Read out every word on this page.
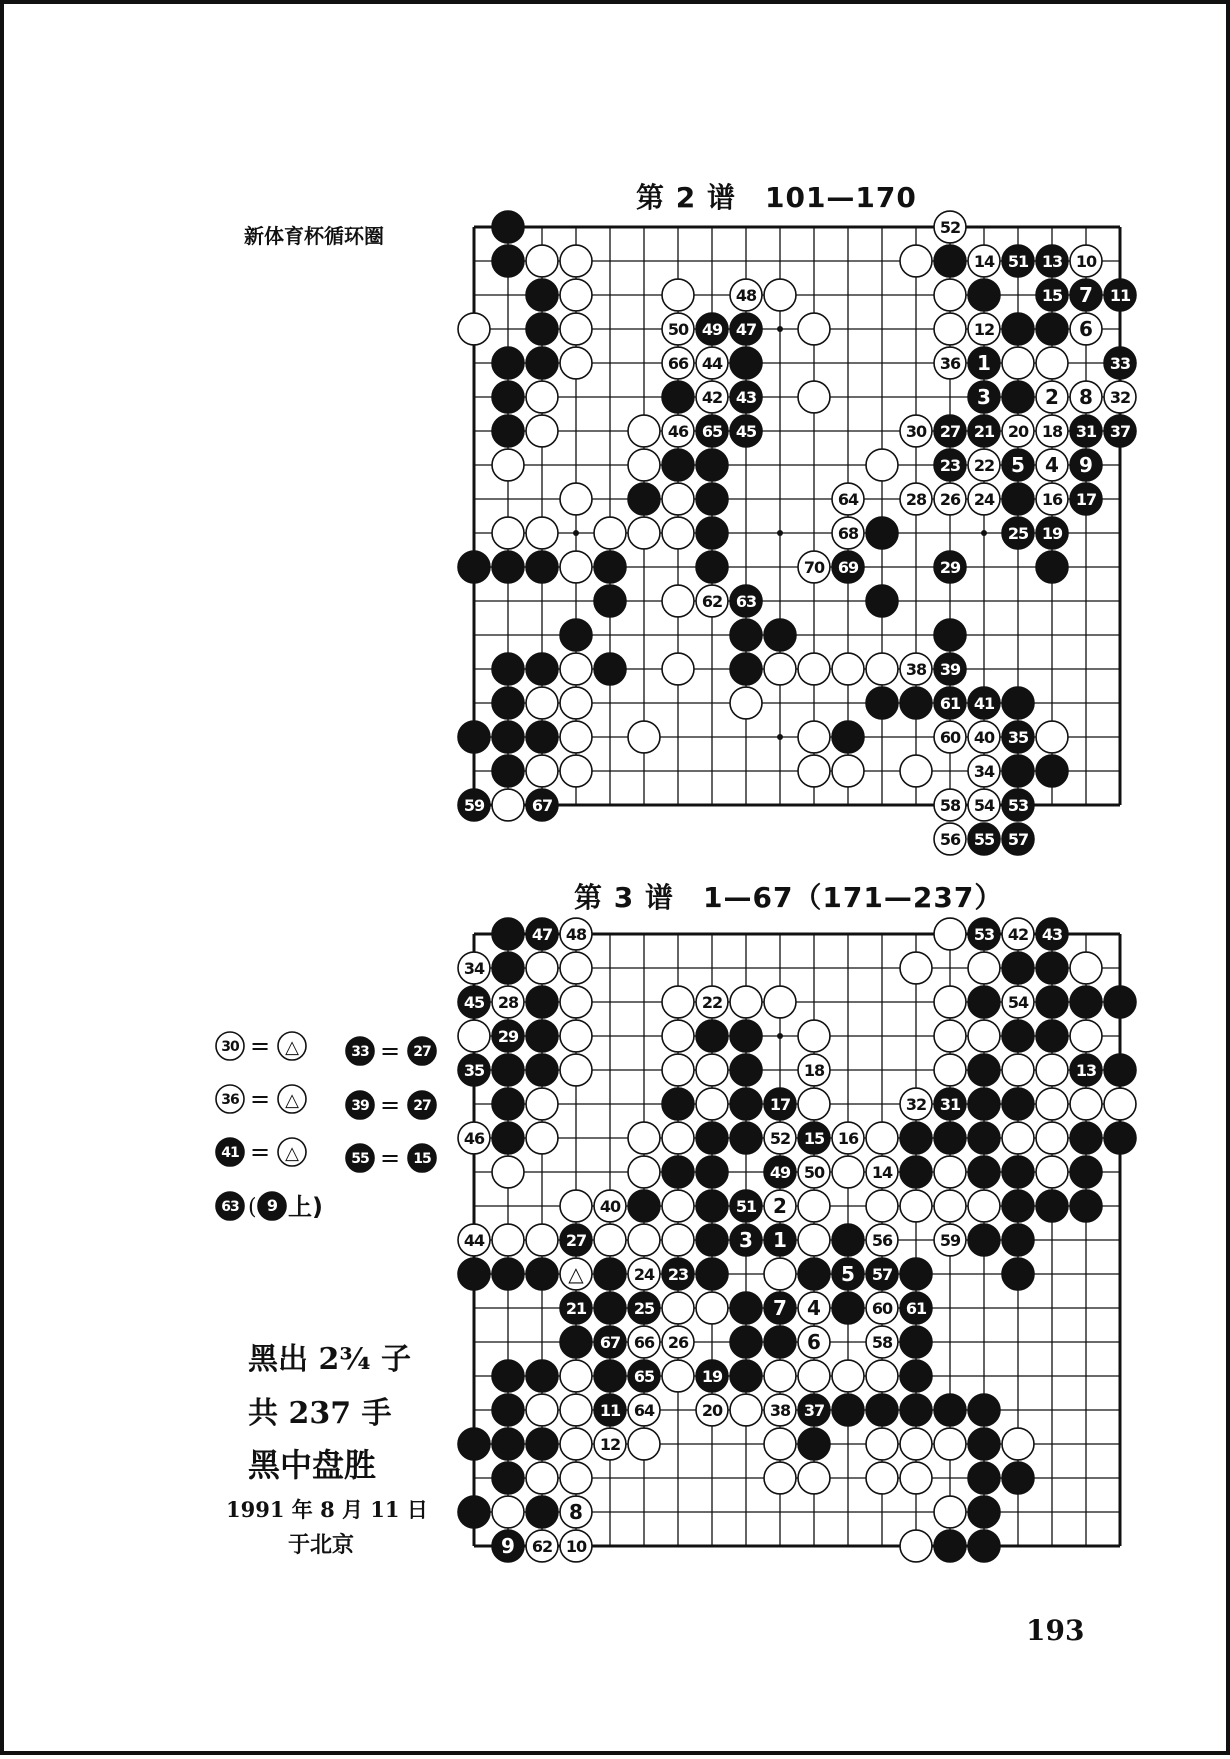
新体育杯循环圈
第 2 谱　101—170
第 3 谱　1—67（171—237）
14 51 13 10
52
48	15 7 11
50 49 47	12	6
66 44	36 1	33
42 43	3	2 8 32
46 65 45	30 27 21 20 18 31 37
23 22 5 4 9
64	28 26 24	16 17
68	25 19
70 69	29
62 63
38 39
61 41
60 40 35
34
59	67	58 54 53
56 55 57
47 48	53 42 43
34
45 28	22	54
29
35	18	13
17	32 31
46	52 15 16
49 50	14
40	51 2
44	27	3 1	56	59
△	24 23	5 57
21	25	7 4	60 61
67 66 26	6	58
65	19
11 64	20	38 37
12
8
9 62 10
30 = △	33 = 27
36 = △	39 = 27
41 = △	55 = 15
63 ( 9 上)
黑出 2¾ 子
共 237 手
黑中盘胜
1991 年 8 月 11 日
于北京
193
